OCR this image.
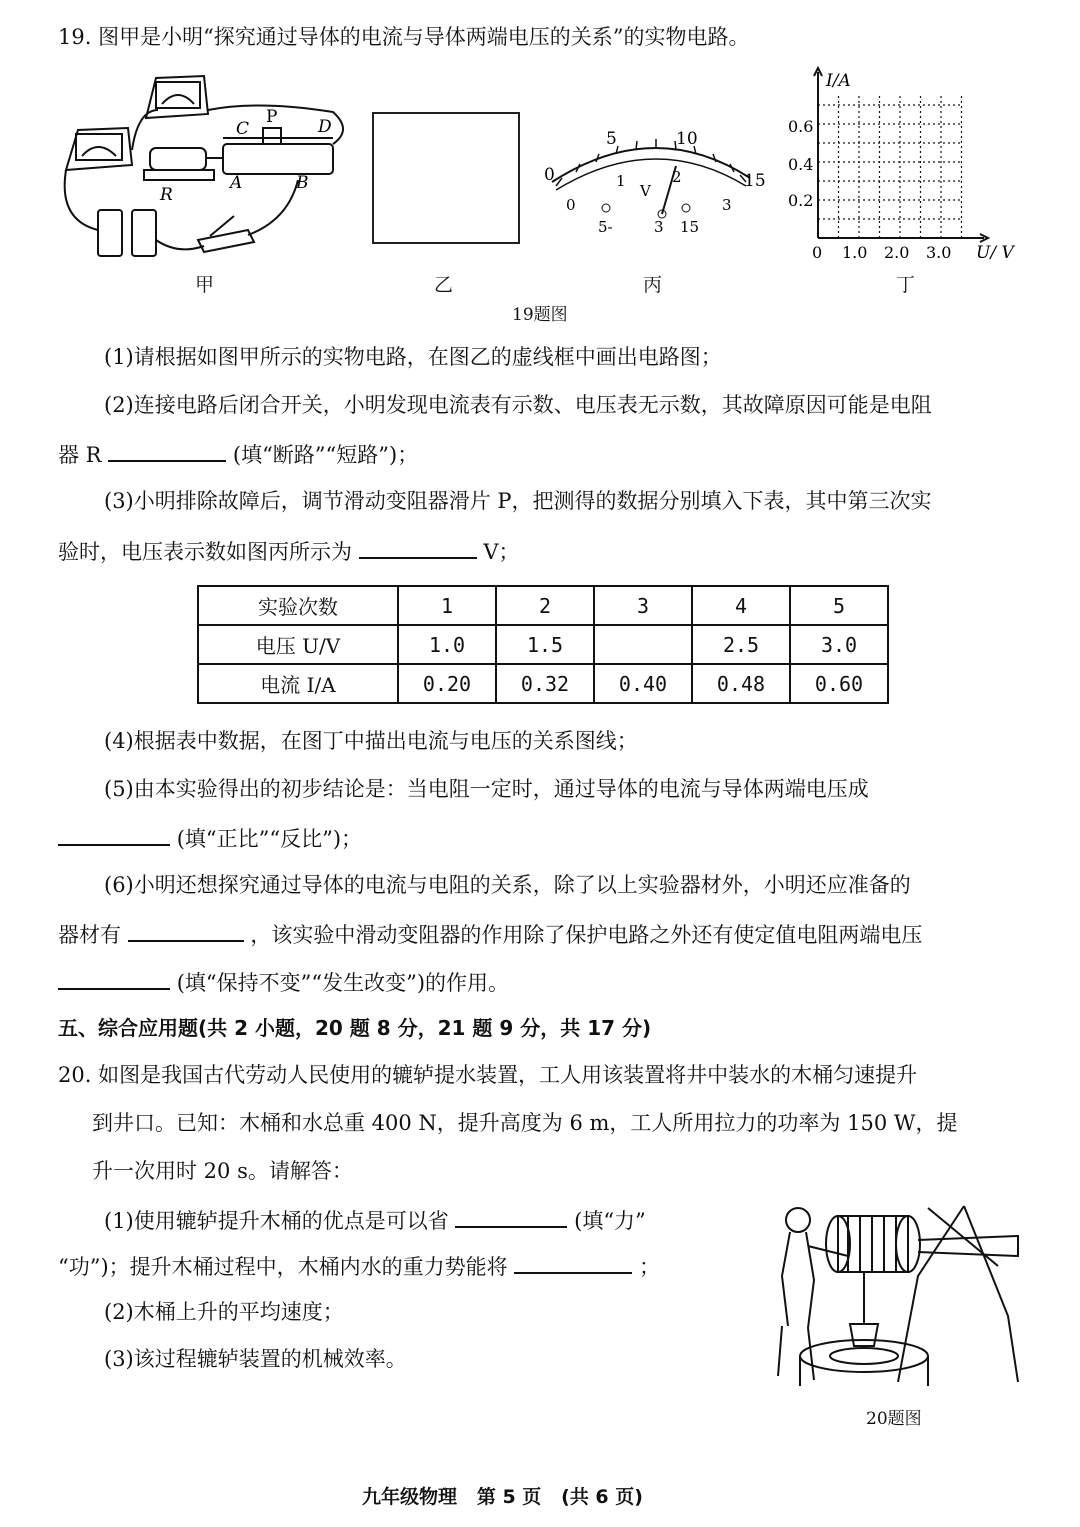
19. 图甲是小明“探究通过导体的电流与导体两端电压的关系”的实物电路。
C
P D
A	B
R
0
5	10
15
0
1	2
3
V
5-	3 15
I/A
U/ V
0.6
0.4
0.2
0 1.0 2.0 3.0
甲	乙	丙	丁
19题图
(1)请根据如图甲所示的实物电路，在图乙的虚线框中画出电路图；
(2)连接电路后闭合开关，小明发现电流表有示数、电压表无示数，其故障原因可能是电阻
器 R	(填“断路”“短路”)；
(3)小明排除故障后，调节滑动变阻器滑片 P，把测得的数据分别填入下表，其中第三次实
验时，电压表示数如图丙所示为	V；
实验次数	1	2	3	4	5
电压 U/V	1.0	1.5		2.5	3.0
电流 I/A	0.20	0.32	0.40	0.48	0.60
(4)根据表中数据，在图丁中描出电流与电压的关系图线；
(5)由本实验得出的初步结论是：当电阻一定时，通过导体的电流与导体两端电压成
(填“正比”“反比”)；
(6)小明还想探究通过导体的电流与电阻的关系，除了以上实验器材外，小明还应准备的
器材有	，该实验中滑动变阻器的作用除了保护电路之外还有使定值电阻两端电压
(填“保持不变”“发生改变”)的作用。
五、综合应用题(共 2 小题，20 题 8 分，21 题 9 分，共 17 分)
20. 如图是我国古代劳动人民使用的辘轳提水装置，工人用该装置将井中装水的木桶匀速提升
到井口。已知：木桶和水总重 400 N，提升高度为 6 m，工人所用拉力的功率为 150 W，提
升一次用时 20 s。请解答：
(1)使用辘轳提升木桶的优点是可以省	(填“力”
“功”)；提升木桶过程中，木桶内水的重力势能将	；
(2)木桶上升的平均速度；
(3)该过程辘轳装置的机械效率。
20题图
九年级物理   第 5 页   (共 6 页)
